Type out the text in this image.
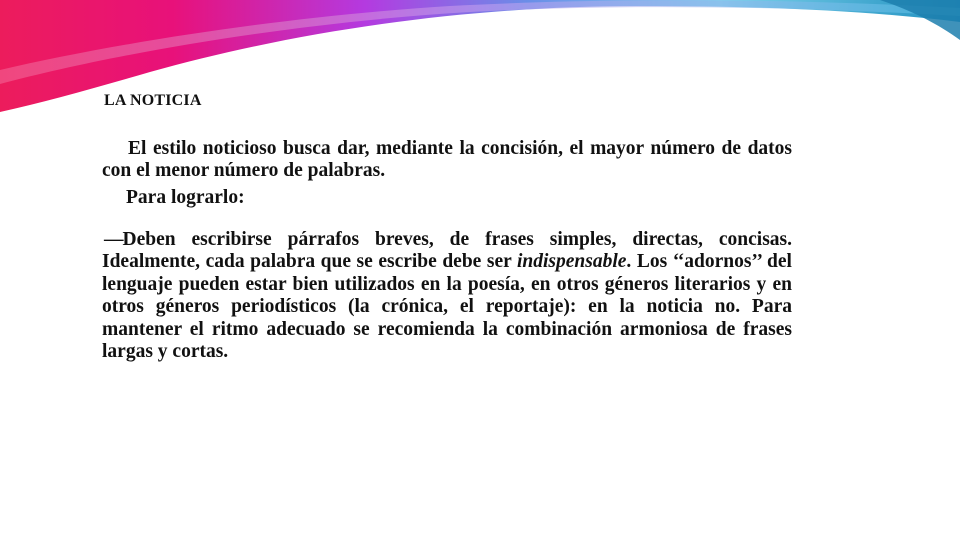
LA NOTICIA

El estilo noticioso busca dar, mediante la concisión, el mayor número de datos con el menor número de palabras.

Para lograrlo:

—Deben escribirse párrafos breves, de frases simples, directas, concisas. Idealmente, cada palabra que se escribe debe ser indispensable. Los ‘‘adornos’’ del lenguaje pueden estar bien utilizados en la poesía, en otros géneros literarios y en otros géneros periodísticos (la crónica, el reportaje): en la noticia no. Para mantener el ritmo adecuado se recomienda la combinación armoniosa de frases largas y cortas.
